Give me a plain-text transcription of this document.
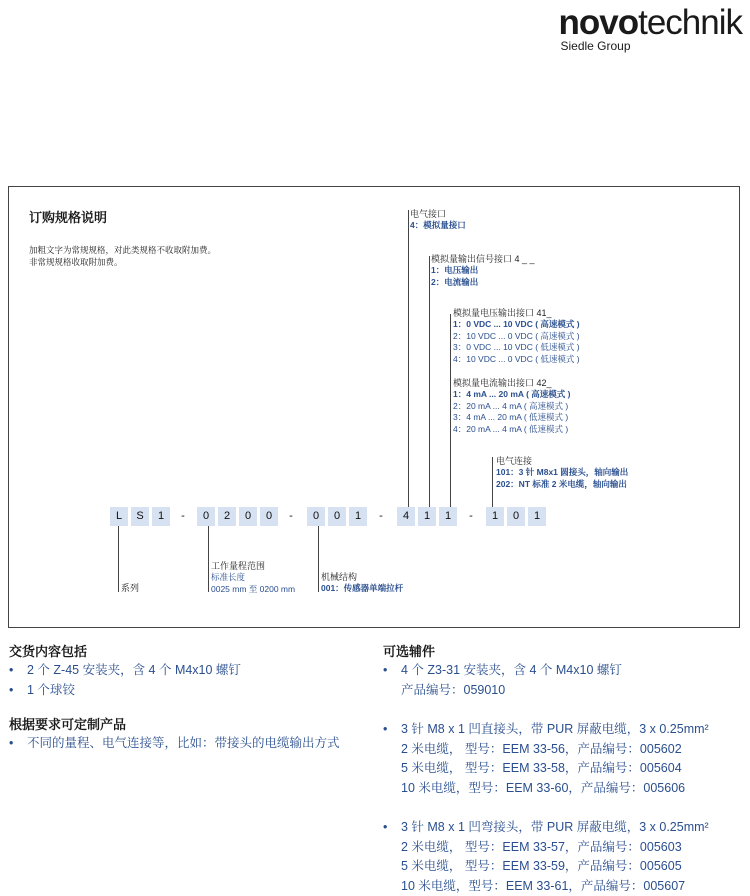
novotechnik
Siedle Group
订购规格说明
加粗文字为常规规格，对此类规格不收取附加费。
非常规规格收取附加费。
电气接口
4：模拟量接口
模拟量输出信号接口 4 _ _
1：电压输出
2：电流输出
模拟量电压输出接口 41_
1：0 VDC ... 10 VDC ( 高速模式 )
2：10 VDC ... 0 VDC ( 高速模式 )
3：0 VDC ... 10 VDC ( 低速模式 )
4：10 VDC ... 0 VDC ( 低速模式 )
模拟量电流输出接口 42_
1：4 mA ... 20 mA ( 高速模式 )
2：20 mA ... 4 mA ( 高速模式 )
3：4 mA ... 20 mA ( 低速模式 )
4：20 mA ... 4 mA ( 低速模式 )
电气连接
101：3 针 M8x1 圆接头，轴向输出
202：NT 标准 2 米电缆，轴向输出
L	S	1	-	0	2	0	0	-	0	0	1	-	4	1	1	-	1	0	1
系列
工作量程范围
标准长度
0025 mm 至 0200 mm
机械结构
001：传感器单端拉杆
交货内容包括
• 2 个 Z-45 安装夹，含 4 个 M4x10 螺钉
• 1 个球铰
根据要求可定制产品
• 不同的量程、电气连接等，比如：带接头的电缆输出方式
可选辅件
• 4 个 Z3-31 安装夹，含 4 个 M4x10 螺钉
产品编号：059010
• 3 针 M8 x 1 凹直接头，带 PUR 屏蔽电缆，3 x 0.25mm²
2 米电缆， 型号：EEM 33-56，产品编号：005602
5 米电缆， 型号：EEM 33-58，产品编号：005604
10 米电缆，型号：EEM 33-60，产品编号：005606
• 3 针 M8 x 1 凹弯接头，带 PUR 屏蔽电缆，3 x 0.25mm²
2 米电缆， 型号：EEM 33-57，产品编号：005603
5 米电缆， 型号：EEM 33-59，产品编号：005605
10 米电缆，型号：EEM 33-61，产品编号：005607
